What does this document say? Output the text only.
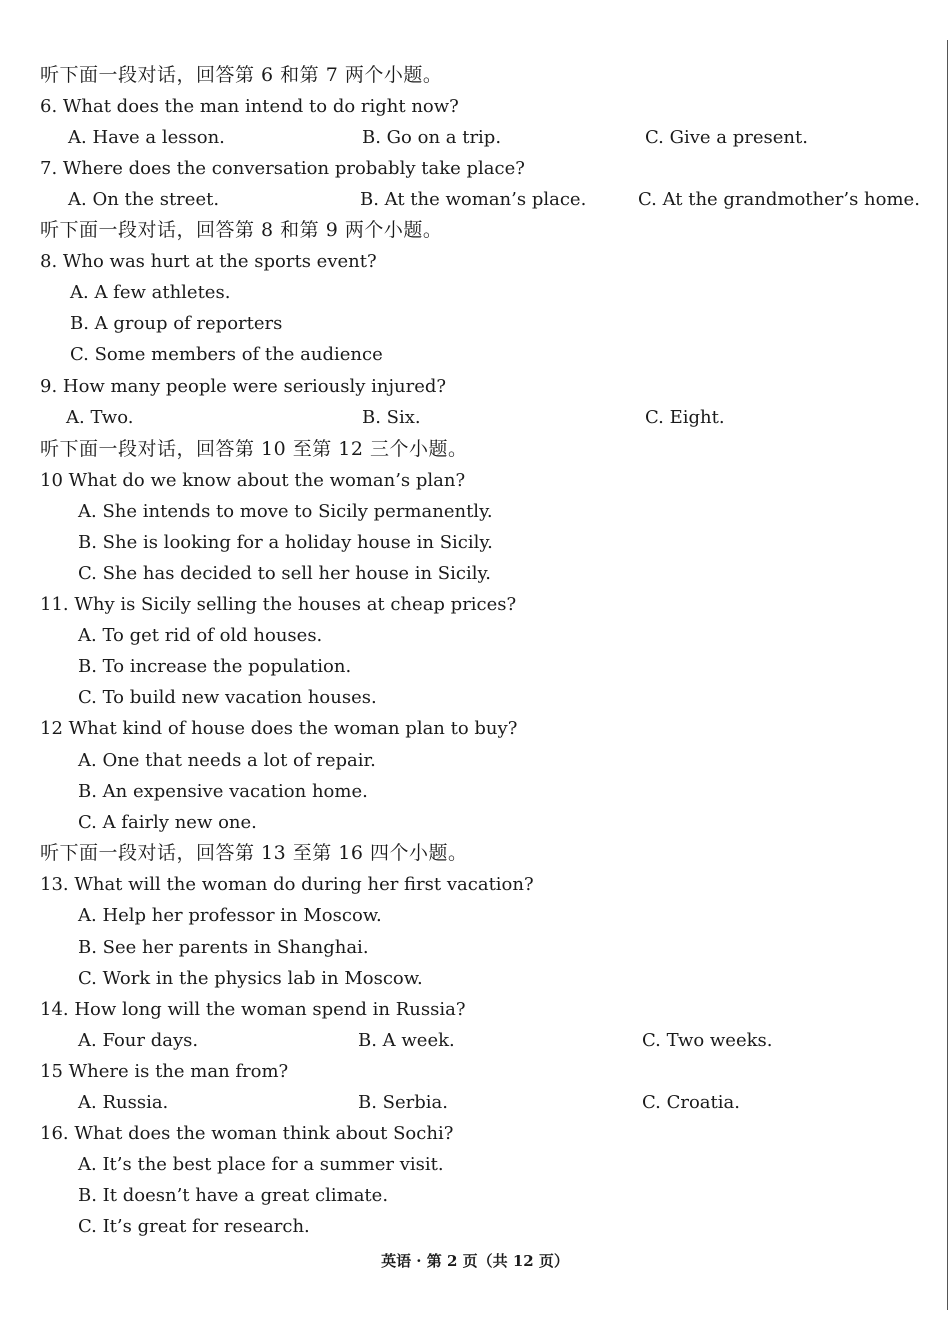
听下面一段对话，回答第 6 和第 7 两个小题。
6. What does the man intend to do right now?
A. Have a lesson.	B. Go on a trip.	C. Give a present.
7. Where does the conversation probably take place?
A. On the street.	B. At the woman’s place.	C. At the grandmother’s home.
听下面一段对话，回答第 8 和第 9 两个小题。
8. Who was hurt at the sports event?
A. A few athletes.
B. A group of reporters
C. Some members of the audience
9. How many people were seriously injured?
A. Two.	B. Six.	C. Eight.
听下面一段对话，回答第 10 至第 12 三个小题。
10 What do we know about the woman’s plan?
A. She intends to move to Sicily permanently.
B. She is looking for a holiday house in Sicily.
C. She has decided to sell her house in Sicily.
11. Why is Sicily selling the houses at cheap prices?
A. To get rid of old houses.
B. To increase the population.
C. To build new vacation houses.
12 What kind of house does the woman plan to buy?
A. One that needs a lot of repair.
B. An expensive vacation home.
C. A fairly new one.
听下面一段对话，回答第 13 至第 16 四个小题。
13. What will the woman do during her first vacation?
A. Help her professor in Moscow.
B. See her parents in Shanghai.
C. Work in the physics lab in Moscow.
14. How long will the woman spend in Russia?
A. Four days.	B. A week.	C. Two weeks.
15 Where is the man from?
A. Russia.	B. Serbia.	C. Croatia.
16. What does the woman think about Sochi?
A. It’s the best place for a summer visit.
B. It doesn’t have a great climate.
C. It’s great for research.
英语 · 第 2 页（共 12 页）
